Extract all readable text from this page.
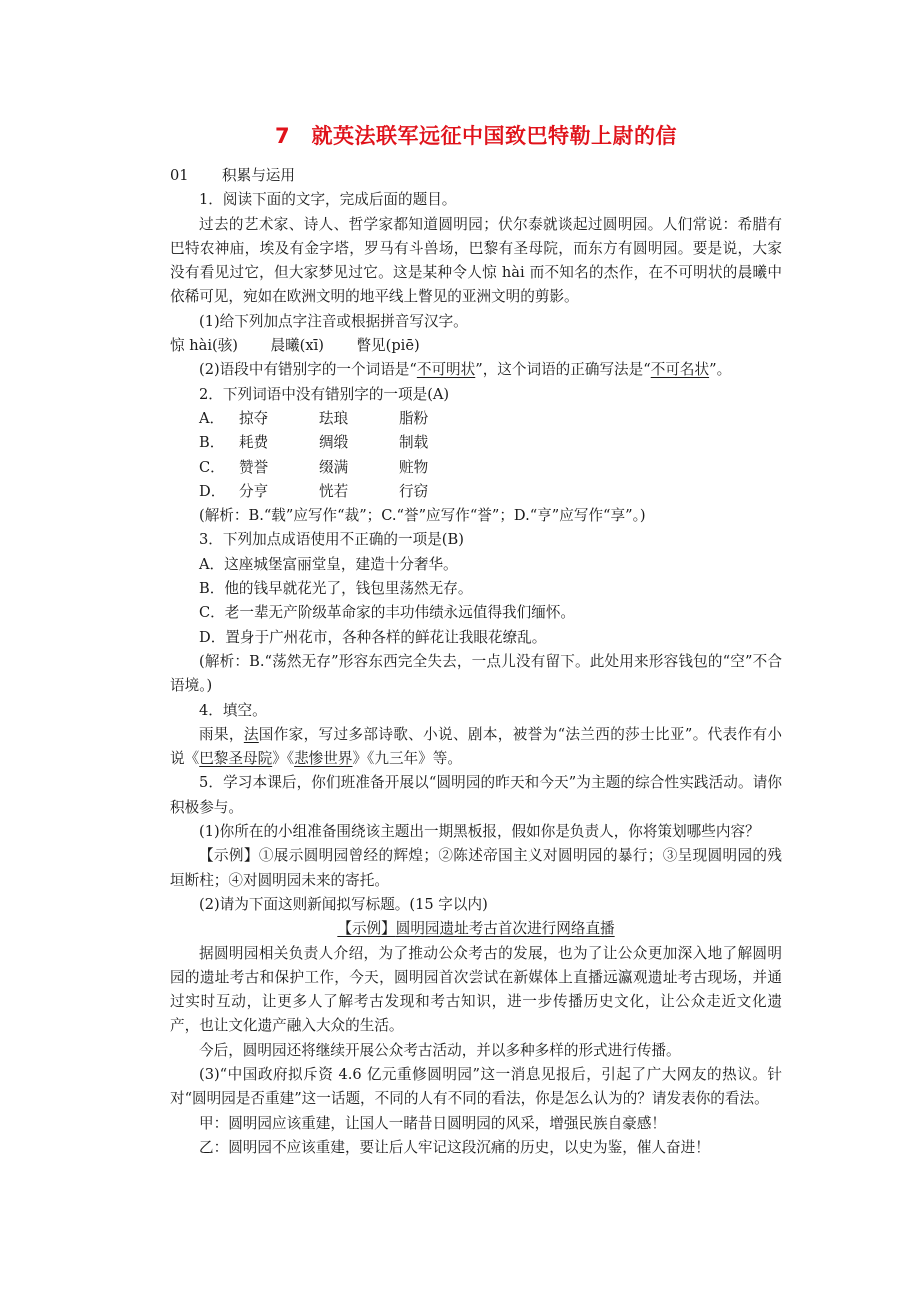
7　就英法联军远征中国致巴特勒上尉的信
01 积累与运用
1．阅读下面的文字，完成后面的题目。
过去的艺术家、诗人、哲学家都知道圆明园；伏尔泰就谈起过圆明园。人们常说：希腊有巴特农神庙，埃及有金字塔，罗马有斗兽场，巴黎有圣母院，而东方有圆明园。要是说，大家没有看见过它，但大家梦见过它。这是某种令人惊 hài 而不知名的杰作，在不可明状的晨曦中依稀可见，宛如在欧洲文明的地平线上瞥见的亚洲文明的剪影。
(1)给下列加点字注音或根据拼音写汉字。
惊 hài(骇) 晨曦(xī) 瞥见(piē)
(2)语段中有错别字的一个词语是“不可明状”，这个词语的正确写法是“不可名状”。
2．下列词语中没有错别字的一项是(A)
A．	掠夺	珐琅	脂粉
B．	耗费	绸缎	制载
C． 赞誉	缀满	赃物
D． 分亨	恍若	行窃
(解析：B.“载”应写作“裁”；C.“誉”应写作“誉”；D.“亨”应写作“享”。)
3．下列加点成语使用不正确的一项是(B)
A．这座城堡富丽堂皇，建造十分奢华。
B．他的钱早就花光了，钱包里荡然无存。
C．老一辈无产阶级革命家的丰功伟绩永远值得我们缅怀。
D．置身于广州花市，各种各样的鲜花让我眼花缭乱。
(解析：B.“荡然无存”形容东西完全失去，一点儿没有留下。此处用来形容钱包的“空”不合语境。)
4．填空。
雨果，法国作家，写过多部诗歌、小说、剧本，被誉为“法兰西的莎士比亚”。代表作有小说《巴黎圣母院》《悲惨世界》《九三年》等。
5．学习本课后，你们班准备开展以“圆明园的昨天和今天”为主题的综合性实践活动。请你积极参与。
(1)你所在的小组准备围绕该主题出一期黑板报，假如你是负责人，你将策划哪些内容？
【示例】①展示圆明园曾经的辉煌；②陈述帝国主义对圆明园的暴行；③呈现圆明园的残垣断柱；④对圆明园未来的寄托。
(2)请为下面这则新闻拟写标题。(15 字以内)
【示例】圆明园遗址考古首次进行网络直播
据圆明园相关负责人介绍，为了推动公众考古的发展，也为了让公众更加深入地了解圆明园的遗址考古和保护工作，今天，圆明园首次尝试在新媒体上直播远瀛观遗址考古现场，并通过实时互动，让更多人了解考古发现和考古知识，进一步传播历史文化，让公众走近文化遗产，也让文化遗产融入大众的生活。
今后，圆明园还将继续开展公众考古活动，并以多种多样的形式进行传播。
(3)“中国政府拟斥资 4.6 亿元重修圆明园”这一消息见报后，引起了广大网友的热议。针对“圆明园是否重建”这一话题，不同的人有不同的看法，你是怎么认为的？请发表你的看法。
甲：圆明园应该重建，让国人一睹昔日圆明园的风采，增强民族自豪感！
乙：圆明园不应该重建，要让后人牢记这段沉痛的历史，以史为鉴，催人奋进！
